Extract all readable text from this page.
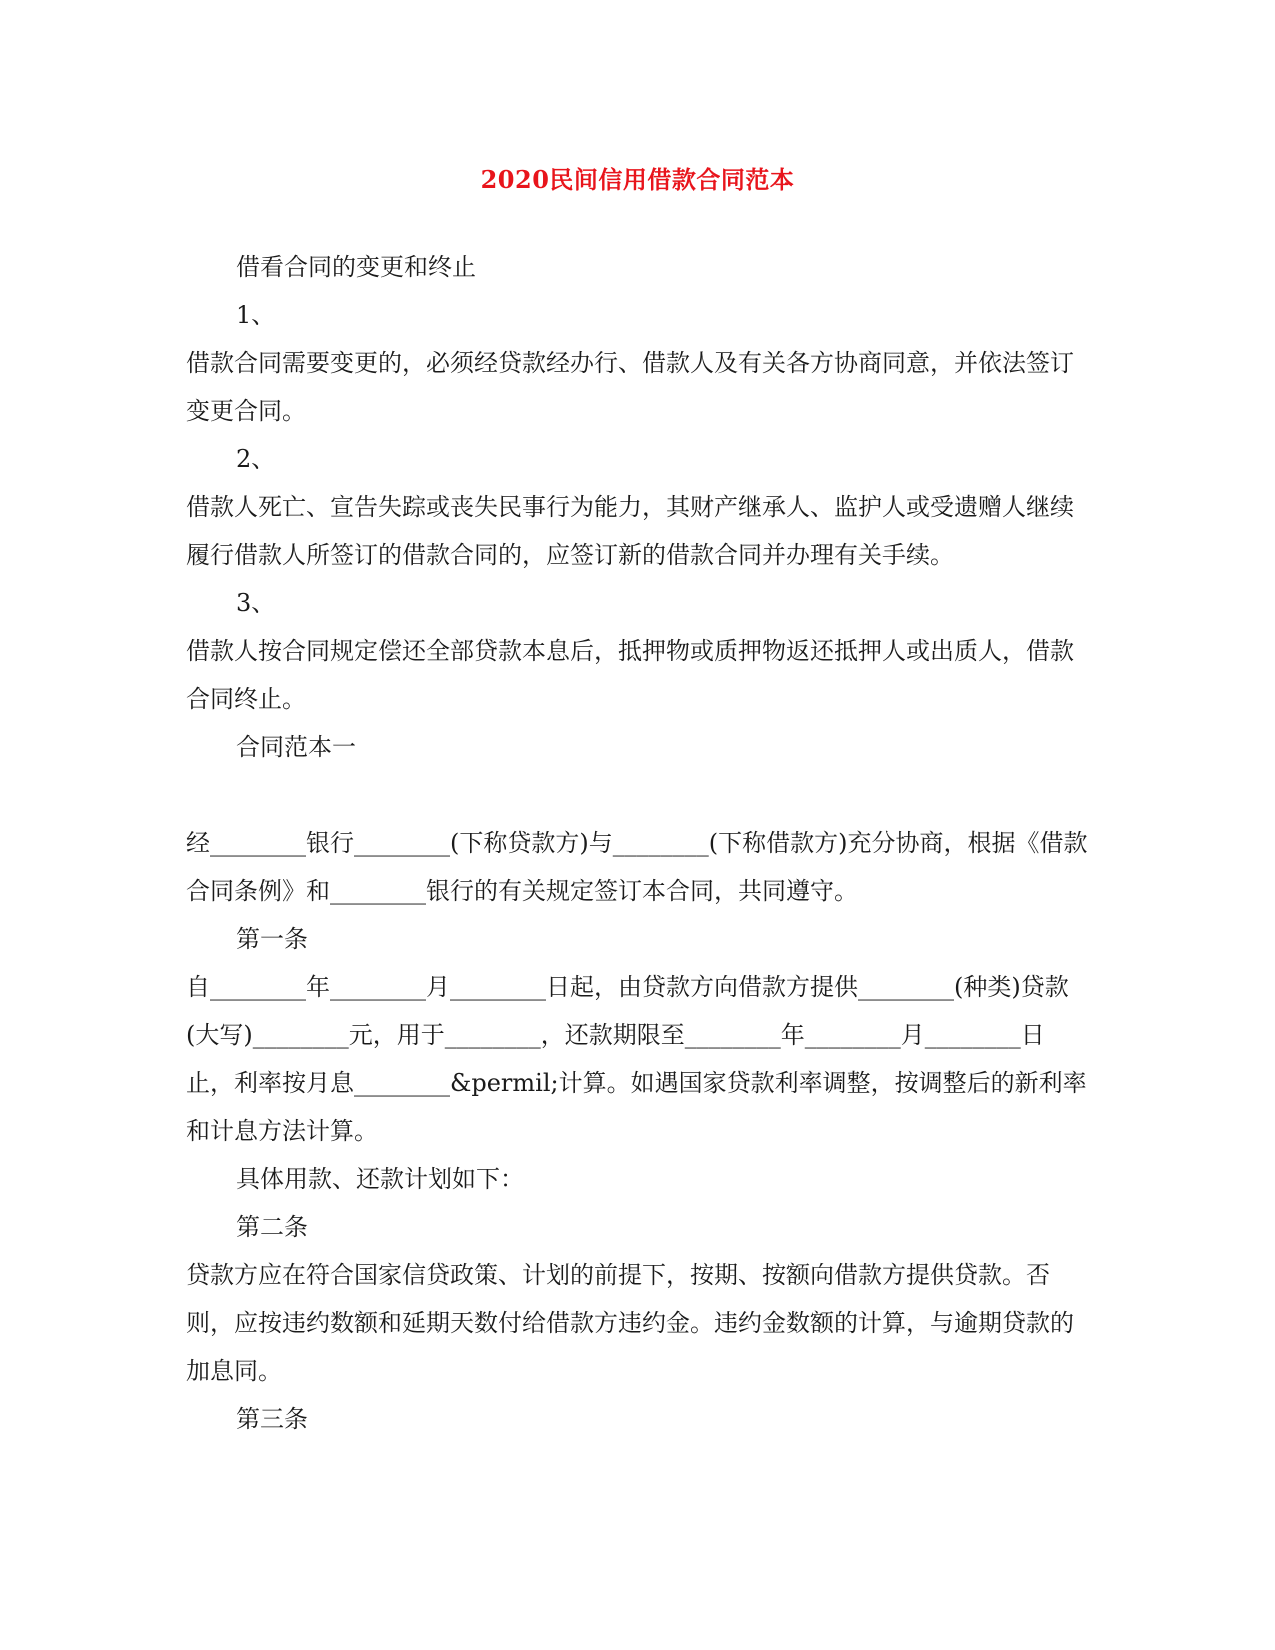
2020民间信用借款合同范本

借看合同的变更和终止

1、

借款合同需要变更的，必须经贷款经办行、借款人及有关各方协商同意，并依法签订变更合同。

2、

借款人死亡、宣告失踪或丧失民事行为能力，其财产继承人、监护人或受遗赠人继续履行借款人所签订的借款合同的，应签订新的借款合同并办理有关手续。

3、

借款人按合同规定偿还全部贷款本息后，抵押物或质押物返还抵押人或出质人，借款合同终止。

合同范本一

经________银行________(下称贷款方)与________(下称借款方)充分协商，根据《借款合同条例》和________银行的有关规定签订本合同，共同遵守。

第一条

自________年________月________日起，由贷款方向借款方提供________(种类)贷款(大写)________元，用于________，还款期限至________年________月________日止，利率按月息________&permil;计算。如遇国家贷款利率调整，按调整后的新利率和计息方法计算。

具体用款、还款计划如下：

第二条

贷款方应在符合国家信贷政策、计划的前提下，按期、按额向借款方提供贷款。否则，应按违约数额和延期天数付给借款方违约金。违约金数额的计算，与逾期贷款的加息同。

第三条
